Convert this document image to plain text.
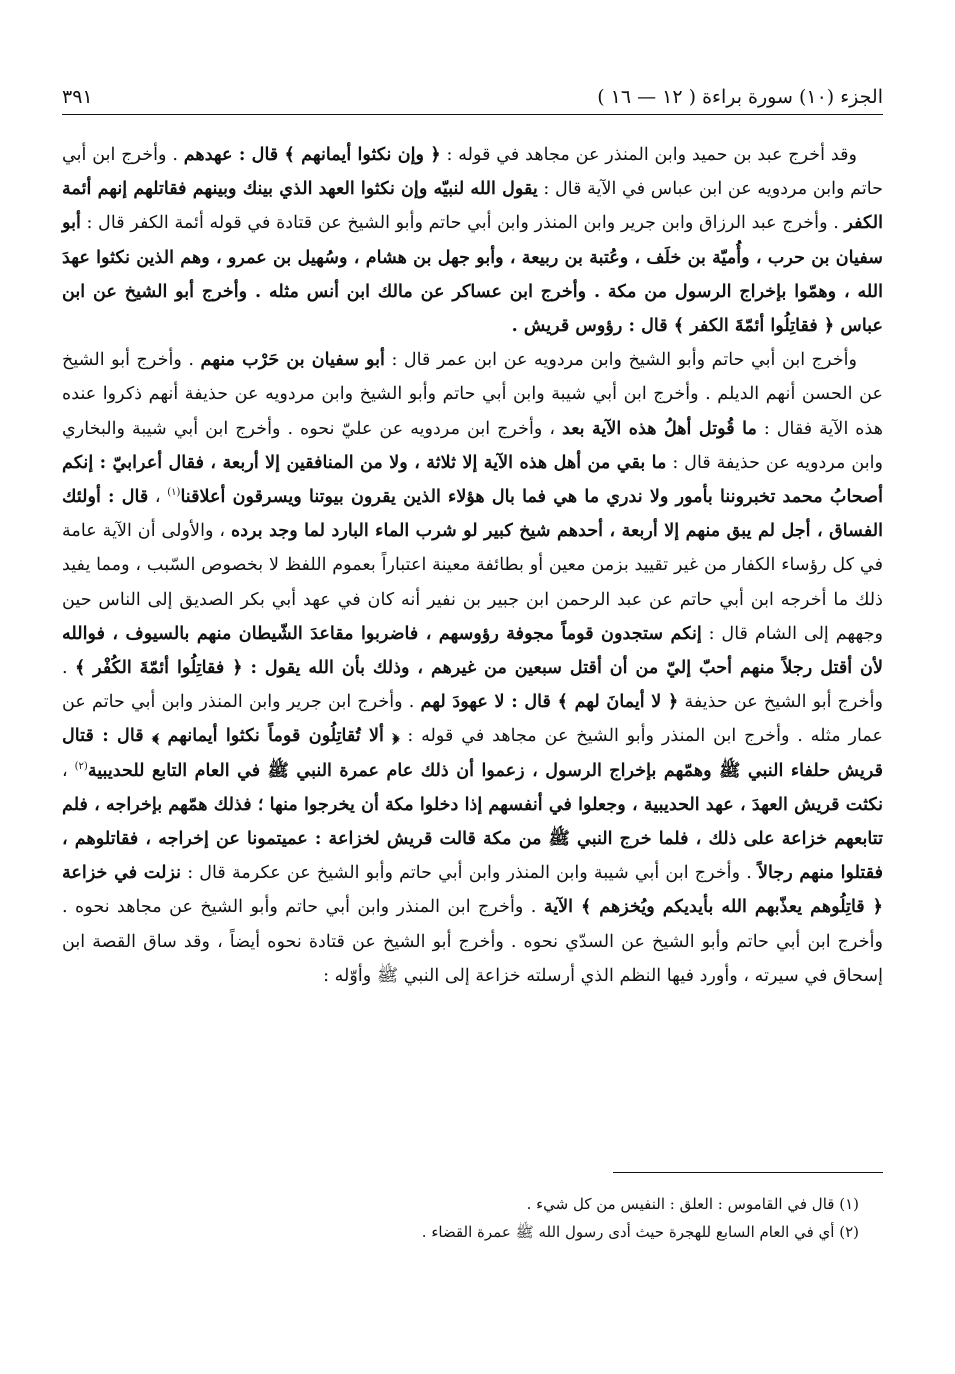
الجزء (١٠) سورة براءة ( ١٢ — ١٦ )
٣٩١

وقد أخرج عبد بن حميد وابن المنذر عن مجاهد في قوله : ﴿ وإن نكثوا أيمانهم ﴾ قال : عهدهم . وأخرج ابن أبي حاتم وابن مردويه عن ابن عباس في الآية قال : يقول الله لنبيّه وإن نكثوا العهد الذي بينك وبينهم فقاتلهم إنهم أئمة الكفر . وأخرج عبد الرزاق وابن جرير وابن المنذر وابن أبي حاتم وأبو الشيخ عن قتادة في قوله أئمة الكفر قال : أبو سفيان بن حرب ، وأُميّة بن خلَف ، وعُتبة بن ربيعة ، وأبو جهل بن هشام ، وسُهيل بن عمرو ، وهم الذين نكثوا عهدَ الله ، وهمّوا بإخراج الرسول من مكة . وأخرج ابن عساكر عن مالك ابن أنس مثله . وأخرج أبو الشيخ عن ابن عباس ﴿ فقاتِلُوا أئمّةَ الكفر ﴾ قال : رؤوس قريش .

وأخرج ابن أبي حاتم وأبو الشيخ وابن مردويه عن ابن عمر قال : أبو سفيان بن حَرْب منهم . وأخرج أبو الشيخ عن الحسن أنهم الديلم . وأخرج ابن أبي شيبة وابن أبي حاتم وأبو الشيخ وابن مردويه عن حذيفة أنهم ذكروا عنده هذه الآية فقال : ما قُوتل أهلُ هذه الآية بعد ، وأخرج ابن مردويه عن عليّ نحوه . وأخرج ابن أبي شيبة والبخاري وابن مردويه عن حذيفة قال : ما بقي من أهل هذه الآية إلا ثلاثة ، ولا من المنافقين إلا أربعة ، فقال أعرابيّ : إنكم أصحابُ محمد تخبروننا بأمور ولا ندري ما هي فما بال هؤلاء الذين يقرون بيوتنا ويسرقون أعلاقنا$^{(١)}$ ، قال : أولئك الفساق ، أجل لم يبق منهم إلا أربعة ، أحدهم شيخ كبير لو شرب الماء البارد لما وجد برده ، والأولى أن الآية عامة في كل رؤساء الكفار من غير تقييد بزمن معين أو بطائفة معينة اعتباراً بعموم اللفظ لا بخصوص السّبب ، ومما يفيد ذلك ما أخرجه ابن أبي حاتم عن عبد الرحمن ابن جبير بن نفير أنه كان في عهد أبي بكر الصديق إلى الناس حين وجههم إلى الشام قال : إنكم ستجدون قوماً مجوفة رؤوسهم ، فاضربوا مقاعدَ الشّيطان منهم بالسيوف ، فوالله لأن أقتل رجلاً منهم أحبّ إليّ من أن أقتل سبعين من غيرهم ، وذلك بأن الله يقول : ﴿ فقاتِلُوا أئمّةَ الكُفْر ﴾ . وأخرج أبو الشيخ عن حذيفة ﴿ لا أيمانَ لهم ﴾ قال : لا عهودَ لهم . وأخرج ابن جرير وابن المنذر وابن أبي حاتم عن عمار مثله . وأخرج ابن المنذر وأبو الشيخ عن مجاهد في قوله : ﴿ ألا تُقاتِلُون قوماً نكثوا أيمانهم ﴾ قال : قتال قريش حلفاء النبي ﷺ وهمّهم بإخراج الرسول ، زعموا أن ذلك عام عمرة النبي ﷺ في العام التابع للحديبية$^{(٢)}$ ، نكثت قريش العهدَ ، عهد الحديبية ، وجعلوا في أنفسهم إذا دخلوا مكة أن يخرجوا منها ؛ فذلك همّهم بإخراجه ، فلم تتابعهم خزاعة على ذلك ، فلما خرج النبي ﷺ من مكة قالت قريش لخزاعة : عميتمونا عن إخراجه ، فقاتلوهم ، فقتلوا منهم رجالاً . وأخرج ابن أبي شيبة وابن المنذر وابن أبي حاتم وأبو الشيخ عن عكرمة قال : نزلت في خزاعة ﴿ قاتِلُوهم يعذّبهم الله بأيديكم ويُخزهم ﴾ الآية . وأخرج ابن المنذر وابن أبي حاتم وأبو الشيخ عن مجاهد نحوه . وأخرج ابن أبي حاتم وأبو الشيخ عن السدّي نحوه . وأخرج أبو الشيخ عن قتادة نحوه أيضاً ، وقد ساق القصة ابن إسحاق في سيرته ، وأورد فيها النظم الذي أرسلته خزاعة إلى النبي ﷺ وأوّله :

(١) قال في القاموس : العلق : النفيس من كل شيء .
(٢) أي في العام السابع للهجرة حيث أدى رسول الله ﷺ عمرة القضاء .
